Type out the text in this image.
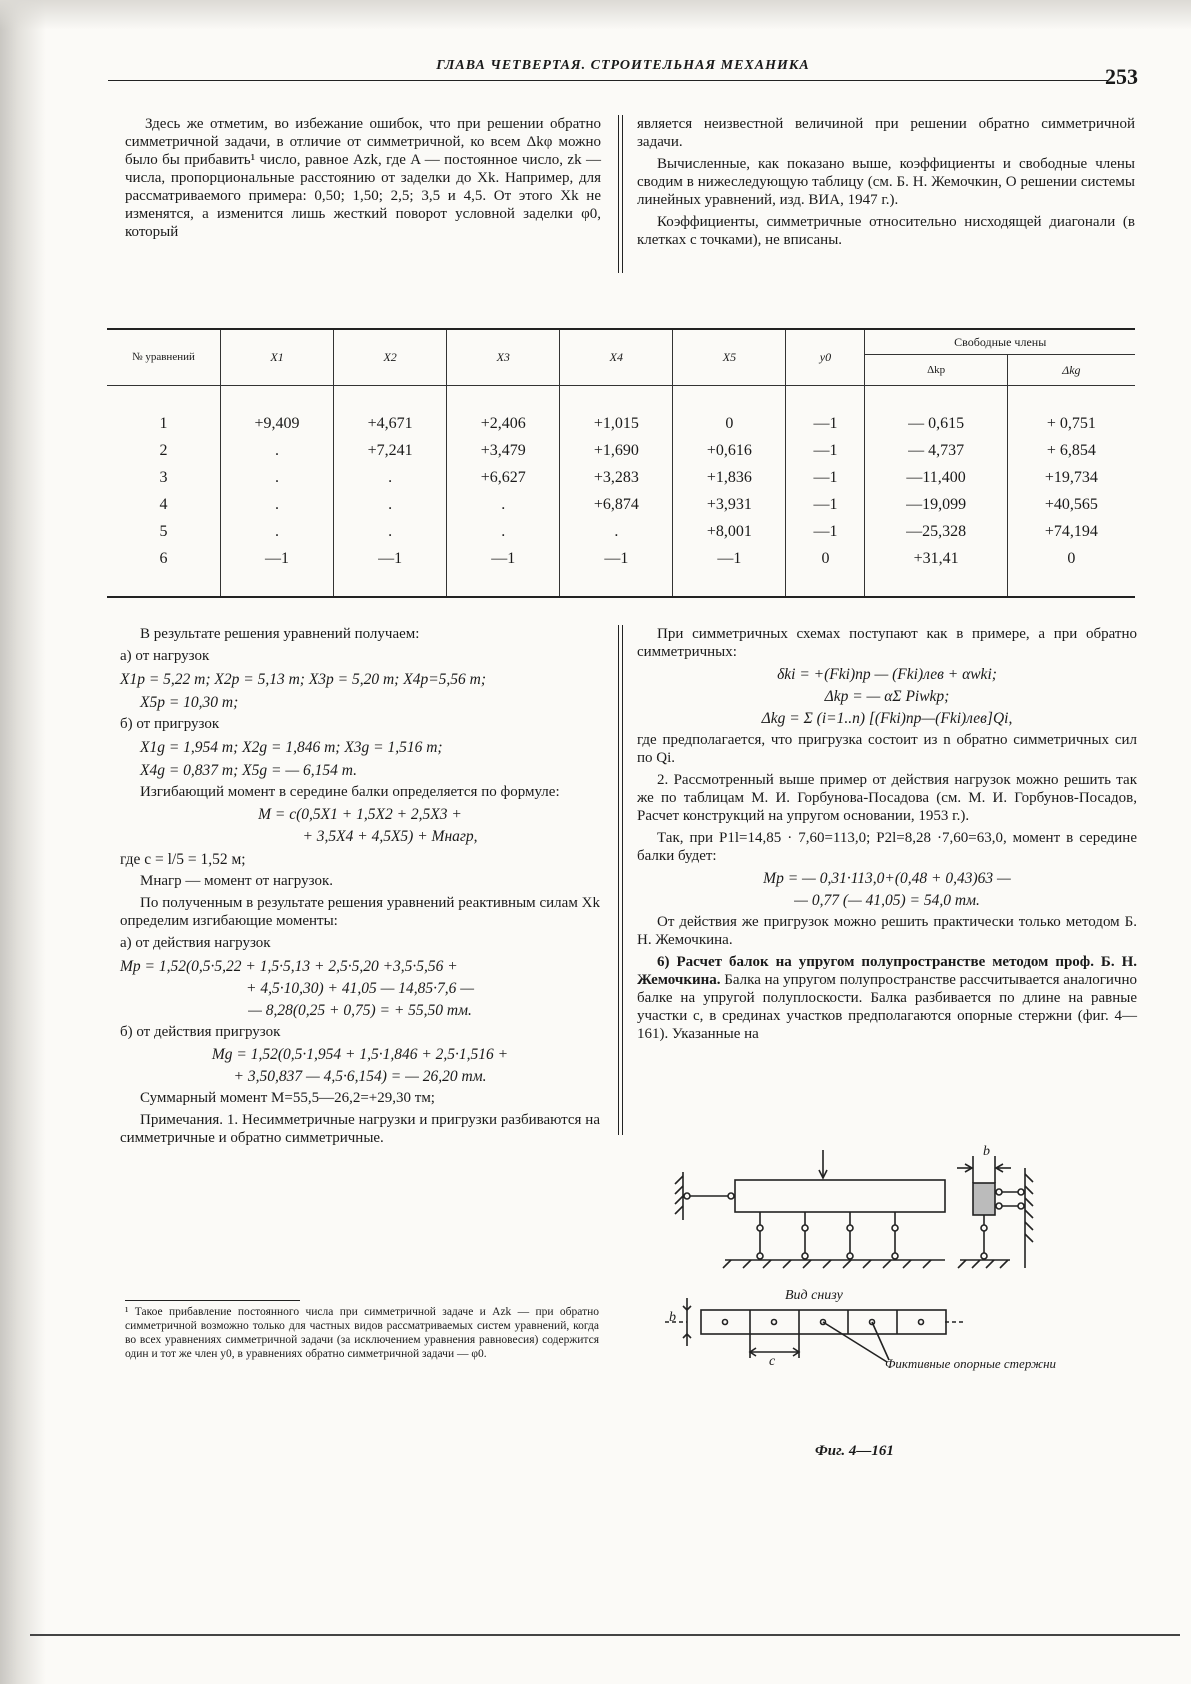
ГЛАВА ЧЕТВЕРТАЯ. СТРОИТЕЛЬНАЯ МЕХАНИКА	253

Здесь же отметим, во избежание ошибок, что при решении обратно симметричной задачи, в отличие от симметричной, ко всем Δkφ можно было бы прибавить¹ число, равное Azk, где A — постоянное число, zk — числа, пропорциональные расстоянию от заделки до Xk. Например, для рассматриваемого примера: 0,50; 1,50; 2,5; 3,5 и 4,5. От этого Xk не изменятся, а изменится лишь жесткий поворот условной заделки φ0, который

является неизвестной величиной при решении обратно симметричной задачи.

Вычисленные, как показано выше, коэффициенты и свободные члены сводим в нижеследующую таблицу (см. Б. Н. Жемочкин, О решении системы линейных уравнений, изд. ВИА, 1947 г.).

Коэффициенты, симметричные относительно нисходящей диагонали (в клетках с точками), не вписаны.

№ уравнений	X1	X2	X3	X4	X5	y0	Свободные члены	
							Δkp	Δkg

1	+9,409	+4,671	+2,406	+1,015	0	—1	— 0,615	+ 0,751
2	.	+7,241	+3,479	+1,690	+0,616	—1	— 4,737	+ 6,854
3	.	.	+6,627	+3,283	+1,836	—1	—11,400	+19,734
4	.	.	.	+6,874	+3,931	—1	—19,099	+40,565
5	.	.	.	.	+8,001	—1	—25,328	+74,194
6	—1	—1	—1	—1	—1	0	+31,41	0

В результате решения уравнений получаем:

а) от нагрузок

X1p = 5,22 т; X2p = 5,13 т; X3p = 5,20 т; X4p=5,56 т;
X5p = 10,30 т;

б) от пригрузок

X1g = 1,954 т; X2g = 1,846 т; X3g = 1,516 т;
X4g = 0,837 т; X5g = — 6,154 т.

Изгибающий момент в середине балки определяется по формуле:

M = c(0,5X1 + 1,5X2 + 2,5X3 +
+ 3,5X4 + 4,5X5) + Mнагр,
где c = l/5 = 1,52 м;

Mнагр — момент от нагрузок.

По полученным в результате решения уравнений реактивным силам Xk определим изгибающие моменты:

а) от действия нагрузок

Mp = 1,52(0,5·5,22 + 1,5·5,13 + 2,5·5,20 +3,5·5,56 +
+ 4,5·10,30) + 41,05 — 14,85·7,6 —
— 8,28(0,25 + 0,75) = + 55,50 тм.

б) от действия пригрузок

Mg = 1,52(0,5·1,954 + 1,5·1,846 + 2,5·1,516 +
+ 3,50,837 — 4,5·6,154) = — 26,20 тм.

Суммарный момент M=55,5—26,2=+29,30 тм;

Примечания. 1. Несимметричные нагрузки и пригрузки разбиваются на симметричные и обратно симметричные.

¹ Такое прибавление постоянного числа при симметричной задаче и Azk — при обратно симметричной возможно только для частных видов рассматриваемых систем уравнений, когда во всех уравнениях симметричной задачи (за исключением уравнения равновесия) содержится один и тот же член y0, в уравнениях обратно симметричной задачи — φ0.

При симметричных схемах поступают как в примере, а при обратно симметричных:

δki = +(Fki)пр — (Fki)лев + αwki;
Δkp = — αΣ Piwkp;
Δkg = Σ (i=1..n) [(Fki)пр—(Fki)лев]Qi,

где предполагается, что пригрузка состоит из n обратно симметричных сил по Qi.

2. Рассмотренный выше пример от действия нагрузок можно решить так же по таблицам М. И. Горбунова-Посадова (см. М. И. Горбунов-Посадов, Расчет конструкций на упругом основании, 1953 г.).

Так, при P1l=14,85 · 7,60=113,0; P2l=8,28 ·7,60=63,0, момент в середине балки будет:

Mp = — 0,31·113,0+(0,48 + 0,43)63 —
— 0,77 (— 41,05) = 54,0 тм.

От действия же пригрузок можно решить практически только методом Б. Н. Жемочкина.

6) Расчет балок на упругом полупространстве методом проф. Б. Н. Жемочкина. Балка на упругом полупространстве рассчитывается аналогично балке на упругой полуплоскости. Балка разбивается по длине на равные участки c, в срединах участков предполагаются опорные стержни (фиг. 4—161). Указанные на

b
Вид снизу
b
c	Фиктивные опорные стержни
Фиг. 4—161
